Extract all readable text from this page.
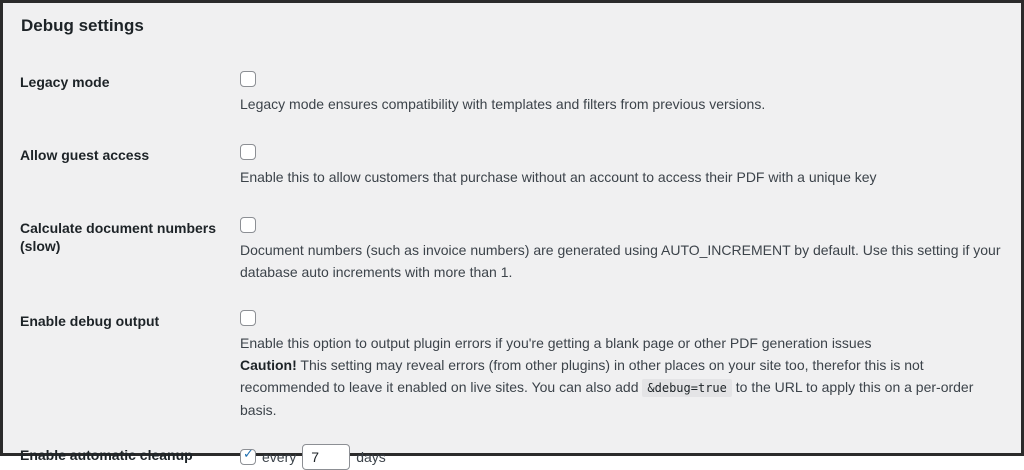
Debug settings
Legacy mode

Legacy mode ensures compatibility with templates and filters from previous versions.

Allow guest access

Enable this to allow customers that purchase without an account to access their PDF with a unique key

Calculate document numbers (slow)	Document numbers (such as invoice numbers) are generated using AUTO_INCREMENT by default. Use this setting if your database auto increments with more than 1.

Enable debug output

Enable this option to output plugin errors if you're getting a blank page or other PDF generation issues
Caution! This setting may reveal errors (from other plugins) in other places on your site too, therefor this is not recommended to leave it enabled on live sites. You can also add &debug=true to the URL to apply this on a per-order basis.

Enable automatic cleanup
✓	every
7	days
